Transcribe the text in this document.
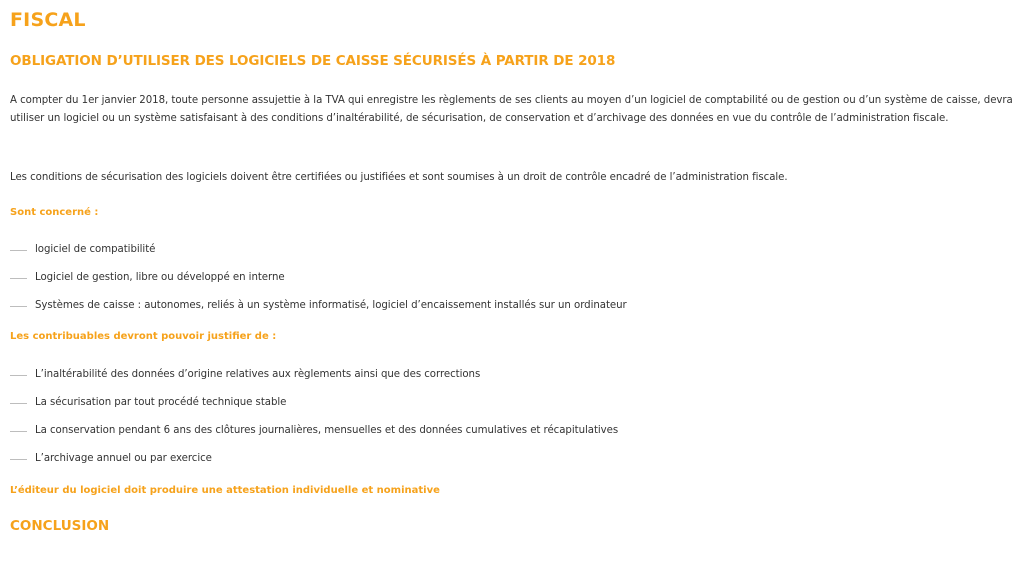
FISCAL
OBLIGATION D’UTILISER DES LOGICIELS DE CAISSE SÉCURISÉS À PARTIR DE 2018

A compter du 1er janvier 2018, toute personne assujettie à la TVA qui enregistre les règlements de ses clients au moyen d’un logiciel de comptabilité ou de gestion ou d’un système de caisse, devra utiliser un logiciel ou un système satisfaisant à des conditions d’inaltérabilité, de sécurisation, de conservation et d’archivage des données en vue du contrôle de l’administration fiscale.

Les conditions de sécurisation des logiciels doivent être certifiées ou justifiées et sont soumises à un droit de contrôle encadré de l’administration fiscale.

Sont concerné :

logiciel de compatibilité
Logiciel de gestion, libre ou développé en interne
Systèmes de caisse : autonomes, reliés à un système informatisé, logiciel d’encaissement installés sur un ordinateur

Les contribuables devront pouvoir justifier de :

L’inaltérabilité des données d’origine relatives aux règlements ainsi que des corrections
La sécurisation par tout procédé technique stable
La conservation pendant 6 ans des clôtures journalières, mensuelles et des données cumulatives et récapitulatives
L’archivage annuel ou par exercice

L’éditeur du logiciel doit produire une attestation individuelle et nominative

CONCLUSION
